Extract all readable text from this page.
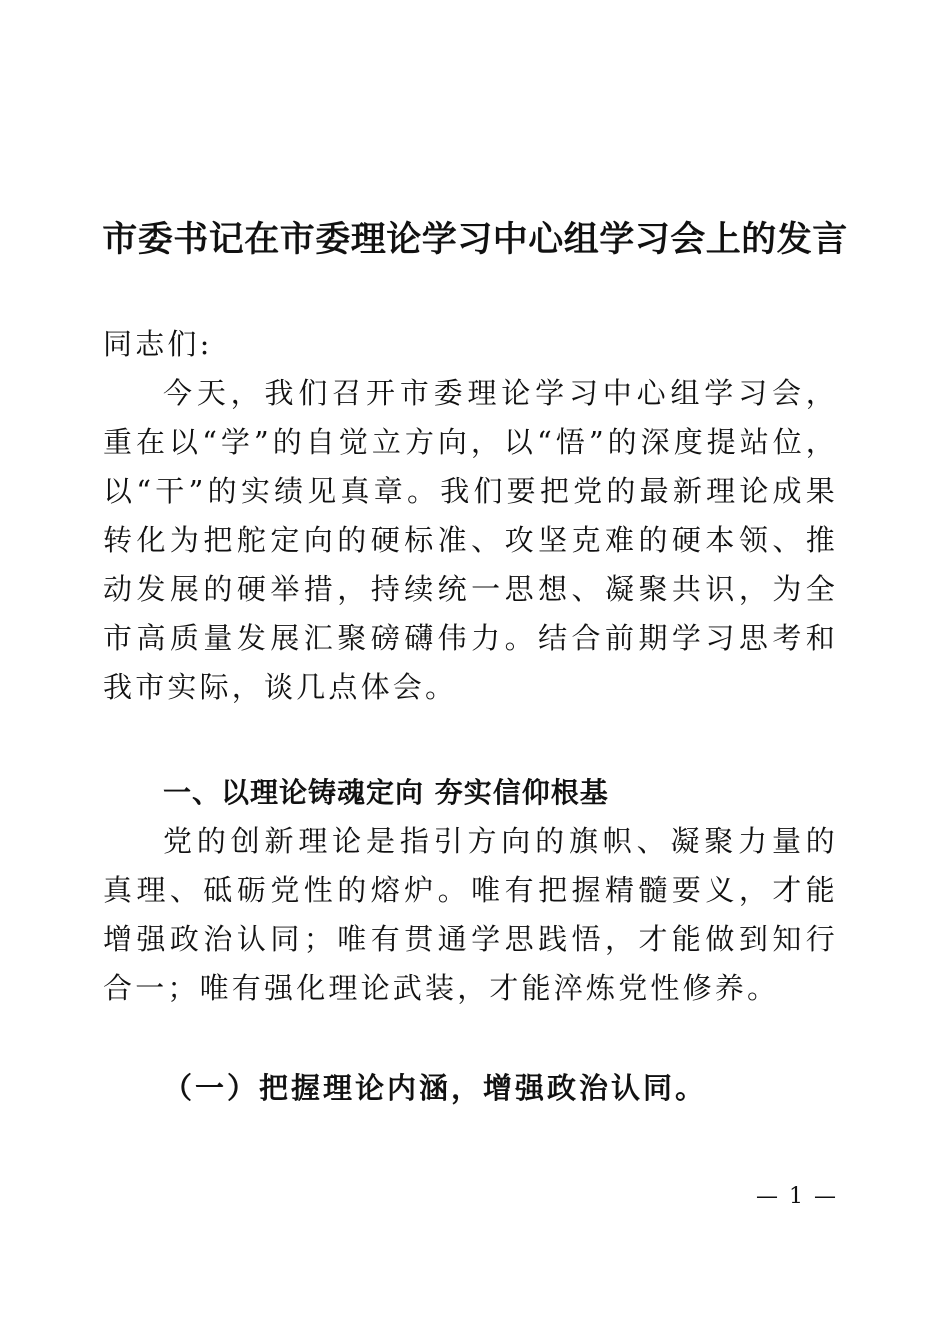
市委书记在市委理论学习中心组学习会上的发言

同志们:

今天，我们召开市委理论学习中心组学习会，重在以“学”的自觉立方向，以“悟”的深度提站位，以“干”的实绩见真章。我们要把党的最新理论成果转化为把舵定向的硬标准、攻坚克难的硬本领、推动发展的硬举措，持续统一思想、凝聚共识，为全市高质量发展汇聚磅礴伟力。结合前期学习思考和我市实际，谈几点体会。

一、以理论铸魂定向 夯实信仰根基

党的创新理论是指引方向的旗帜、凝聚力量的真理、砥砺党性的熔炉。唯有把握精髓要义，才能增强政治认同；唯有贯通学思践悟，才能做到知行合一；唯有强化理论武装，才能淬炼党性修养。

（一）把握理论内涵，增强政治认同。
— 1 —
